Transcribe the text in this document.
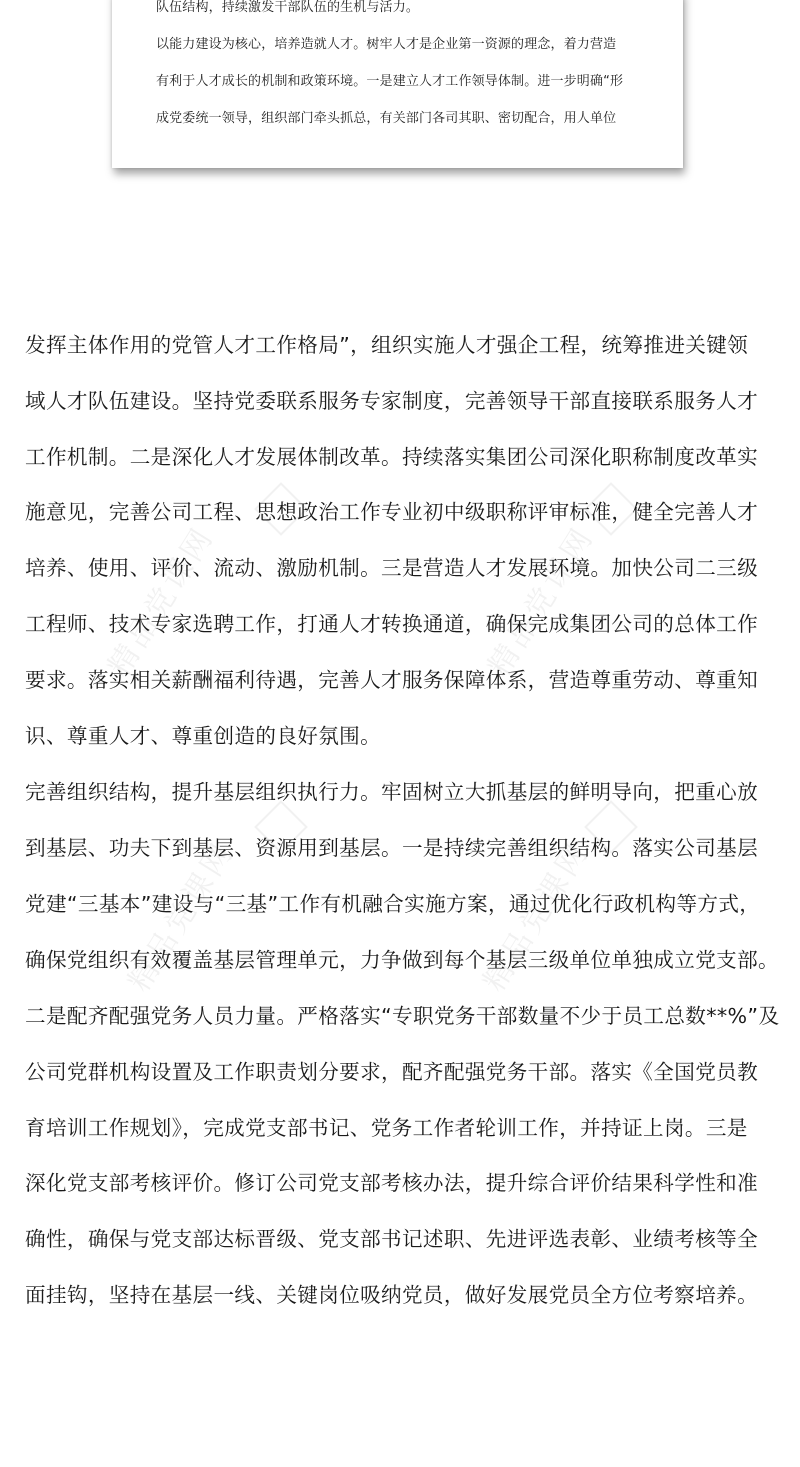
队伍结构，持续激发干部队伍的生机与活力。
以能力建设为核心，培养造就人才。树牢人才是企业第一资源的理念，着力营造
有利于人才成长的机制和政策环境。一是建立人才工作领导体制。进一步明确“形
成党委统一领导，组织部门牵头抓总，有关部门各司其职、密切配合，用人单位
精品党课网	精品党课网
精品党课网	精品党课网
发挥主体作用的党管人才工作格局”，组织实施人才强企工程，统筹推进关键领
域人才队伍建设。坚持党委联系服务专家制度，完善领导干部直接联系服务人才
工作机制。二是深化人才发展体制改革。持续落实集团公司深化职称制度改革实
施意见，完善公司工程、思想政治工作专业初中级职称评审标准，健全完善人才
培养、使用、评价、流动、激励机制。三是营造人才发展环境。加快公司二三级
工程师、技术专家选聘工作，打通人才转换通道，确保完成集团公司的总体工作
要求。落实相关薪酬福利待遇，完善人才服务保障体系，营造尊重劳动、尊重知
识、尊重人才、尊重创造的良好氛围。
完善组织结构，提升基层组织执行力。牢固树立大抓基层的鲜明导向，把重心放
到基层、功夫下到基层、资源用到基层。一是持续完善组织结构。落实公司基层
党建“三基本”建设与“三基”工作有机融合实施方案，通过优化行政机构等方式，
确保党组织有效覆盖基层管理单元，力争做到每个基层三级单位单独成立党支部。
二是配齐配强党务人员力量。严格落实“专职党务干部数量不少于员工总数**%”及
公司党群机构设置及工作职责划分要求，配齐配强党务干部。落实《全国党员教
育培训工作规划》，完成党支部书记、党务工作者轮训工作，并持证上岗。三是
深化党支部考核评价。修订公司党支部考核办法，提升综合评价结果科学性和准
确性，确保与党支部达标晋级、党支部书记述职、先进评选表彰、业绩考核等全
面挂钩，坚持在基层一线、关键岗位吸纳党员，做好发展党员全方位考察培养。
